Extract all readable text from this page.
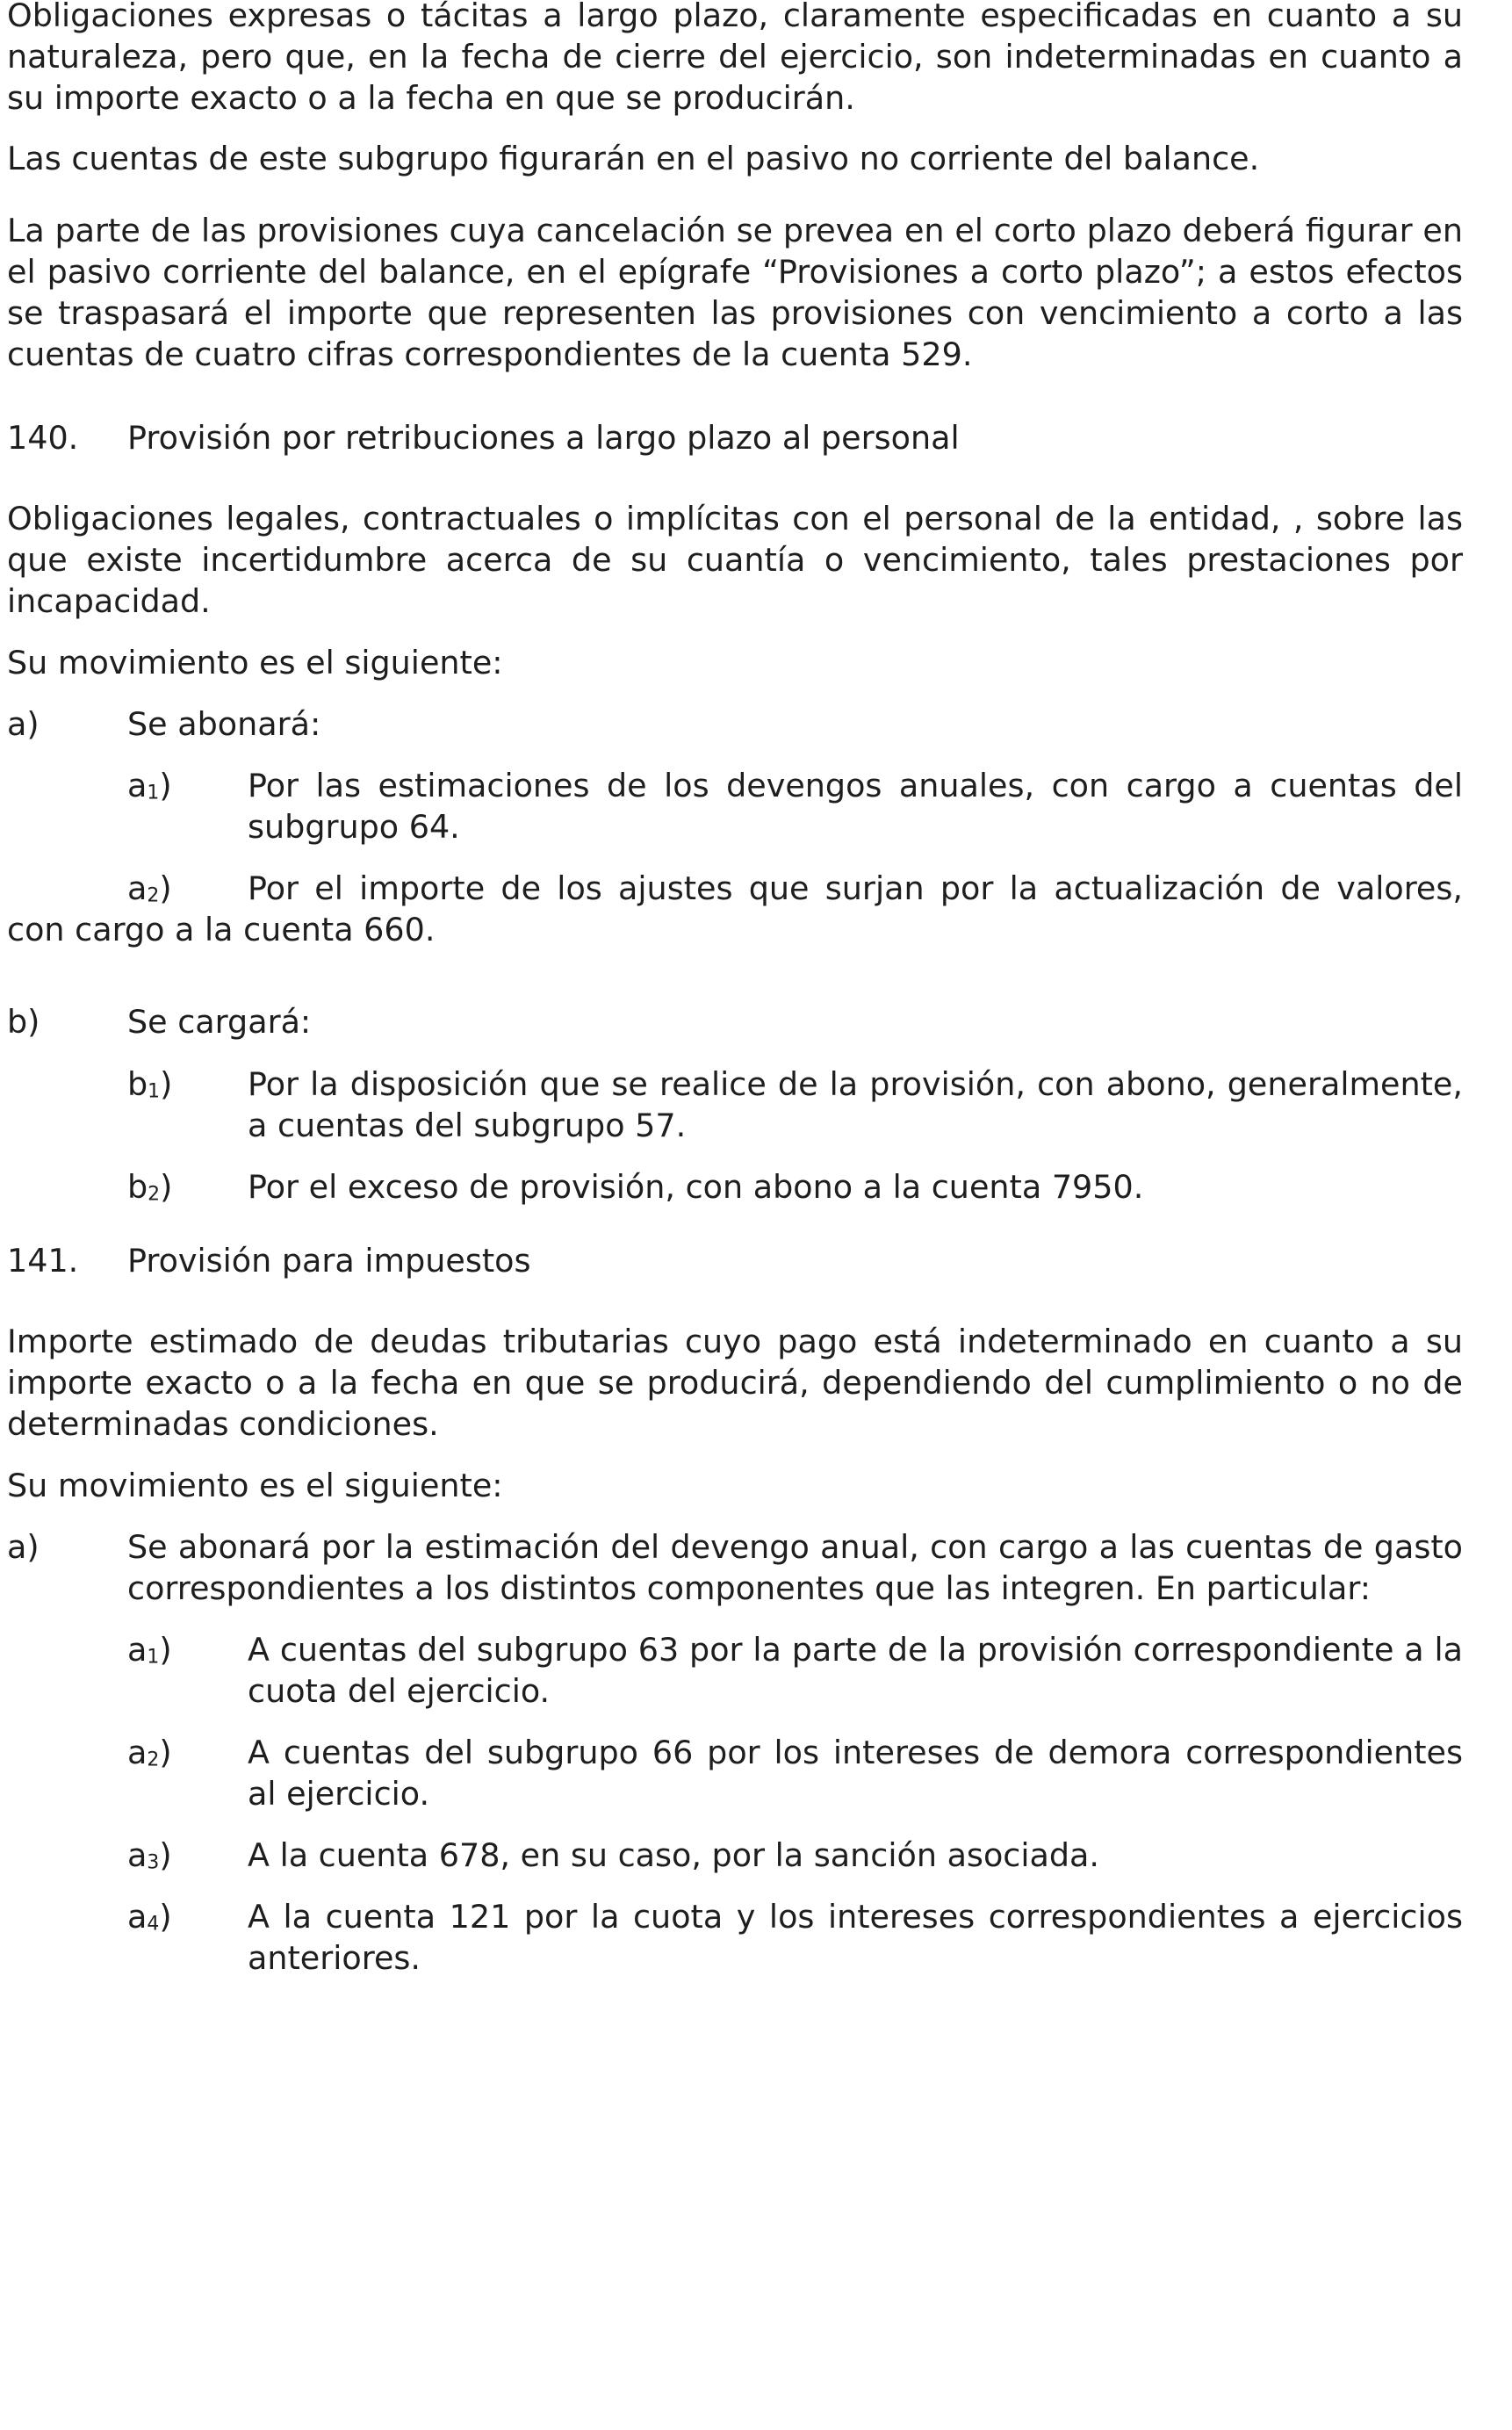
Obligaciones expresas o tácitas a largo plazo, claramente especificadas en cuanto a su naturaleza, pero que, en la fecha de cierre del ejercicio, son indeterminadas en cuanto a su importe exacto o a la fecha en que se producirán.

Las cuentas de este subgrupo figurarán en el pasivo no corriente del balance.

La parte de las provisiones cuya cancelación se prevea en el corto plazo deberá figurar en el pasivo corriente del balance, en el epígrafe “Provisiones a corto plazo”; a estos efectos se traspasará el importe que representen las provisiones con vencimiento a corto a las cuentas de cuatro cifras correspondientes de la cuenta 529.

140.	Provisión por retribuciones a largo plazo al personal

Obligaciones legales, contractuales o implícitas con el personal de la entidad, , sobre las que existe incertidumbre acerca de su cuantía o vencimiento, tales prestaciones por incapacidad.

Su movimiento es el siguiente:

a)	Se abonará:
$a_1$)	Por las estimaciones de los devengos anuales, con cargo a cuentas del subgrupo 64.
$a_2$)	Por el importe de los ajustes que surjan por la actualización de valores,

con cargo a la cuenta 660.

b)	Se cargará:
$b_1$)	Por la disposición que se realice de la provisión, con abono, generalmente, a cuentas del subgrupo 57.
$b_2$)	Por el exceso de provisión, con abono a la cuenta 7950.
141.	Provisión para impuestos

Importe estimado de deudas tributarias cuyo pago está indeterminado en cuanto a su importe exacto o a la fecha en que se producirá, dependiendo del cumplimiento o no de determinadas condiciones.

Su movimiento es el siguiente:

a)	Se abonará por la estimación del devengo anual, con cargo a las cuentas de gasto correspondientes a los distintos componentes que las integren. En particular:
$a_1$)	A cuentas del subgrupo 63 por la parte de la provisión correspondiente a la cuota del ejercicio.
$a_2$)	A cuentas del subgrupo 66 por los intereses de demora correspondientes al ejercicio.
$a_3$)	A la cuenta 678, en su caso, por la sanción asociada.
$a_4$)	A la cuenta 121 por la cuota y los intereses correspondientes a ejercicios anteriores.
